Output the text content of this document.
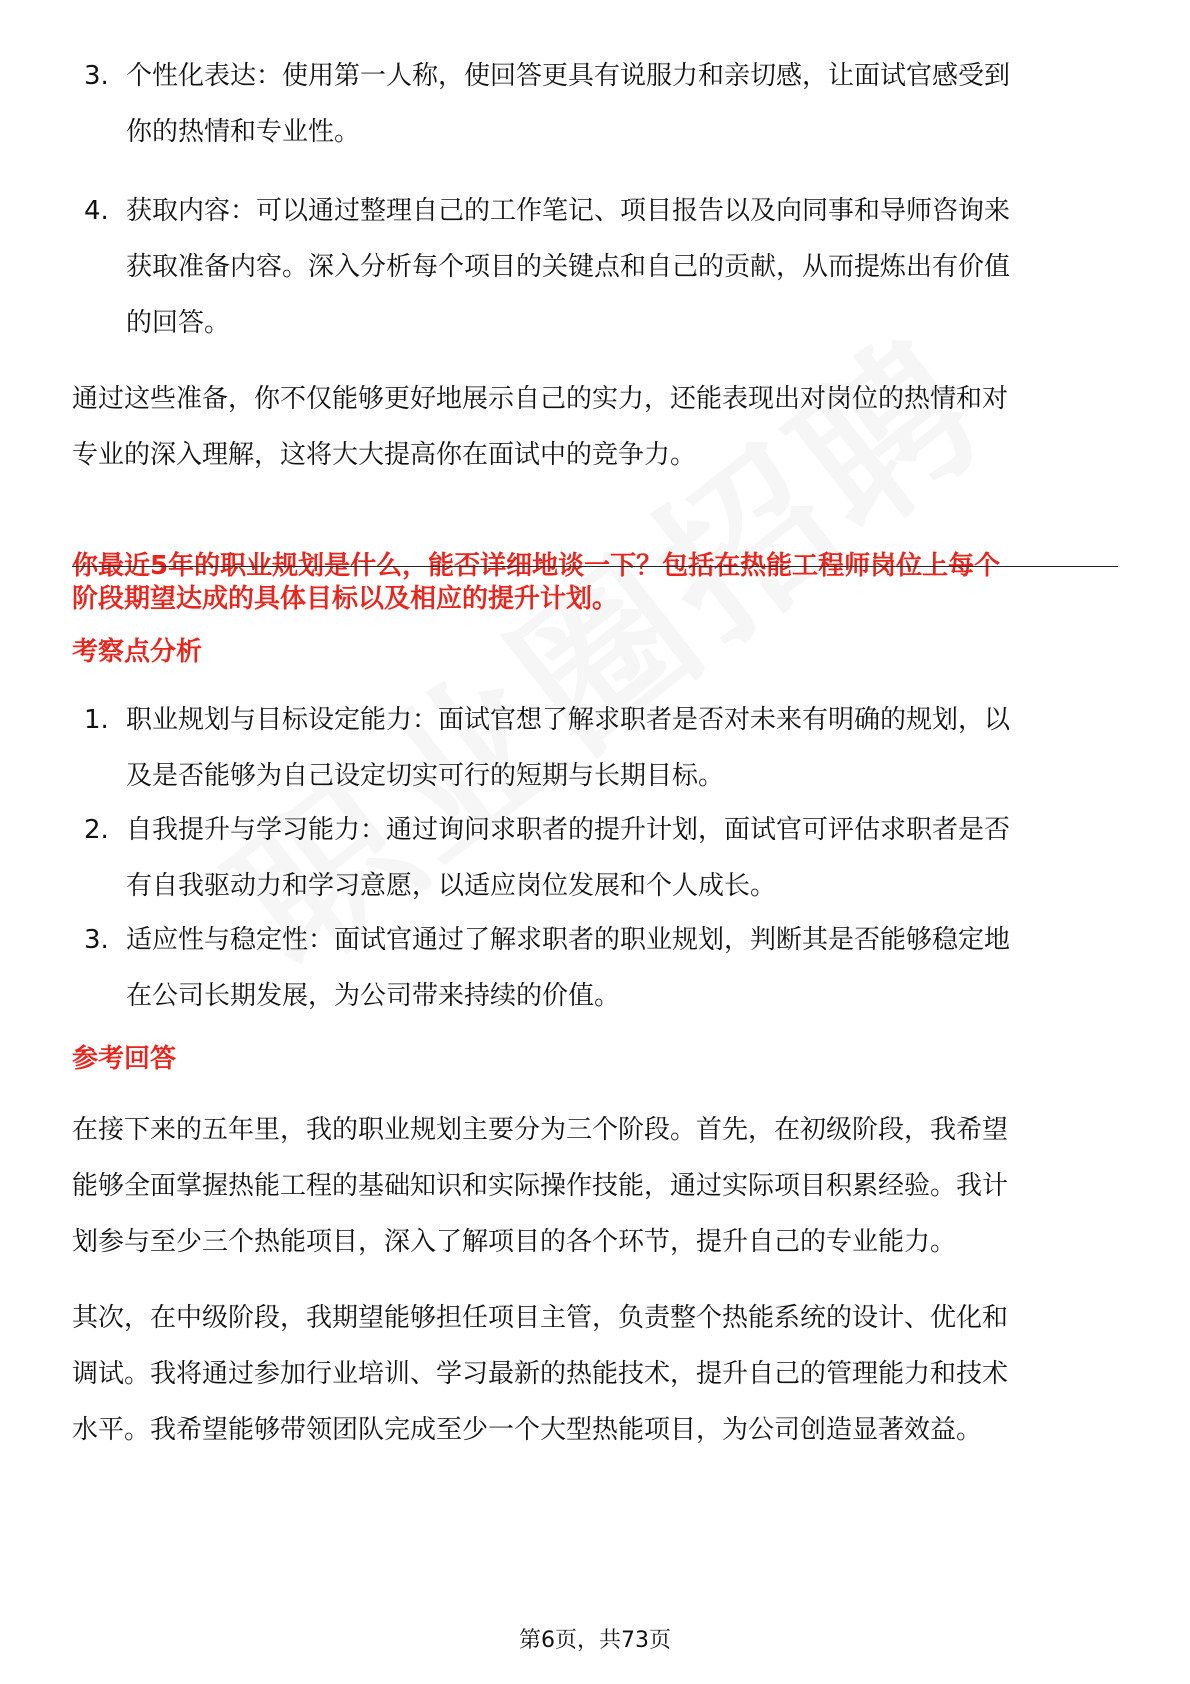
3. 个性化表达：使用第一人称，使回答更具有说服力和亲切感，让面试官感受到
你的热情和专业性。
4. 获取内容：可以通过整理自己的工作笔记、项目报告以及向同事和导师咨询来
获取准备内容。深入分析每个项目的关键点和自己的贡献，从而提炼出有价值
的回答。
通过这些准备，你不仅能够更好地展示自己的实力，还能表现出对岗位的热情和对
专业的深入理解，这将大大提高你在面试中的竞争力。
你最近5年的职业规划是什么，能否详细地谈一下？包括在热能工程师岗位上每个
阶段期望达成的具体目标以及相应的提升计划。
考察点分析
1. 职业规划与目标设定能力：面试官想了解求职者是否对未来有明确的规划，以
及是否能够为自己设定切实可行的短期与长期目标。
2. 自我提升与学习能力：通过询问求职者的提升计划，面试官可评估求职者是否
有自我驱动力和学习意愿，以适应岗位发展和个人成长。
3. 适应性与稳定性：面试官通过了解求职者的职业规划，判断其是否能够稳定地
在公司长期发展，为公司带来持续的价值。
参考回答
在接下来的五年里，我的职业规划主要分为三个阶段。首先，在初级阶段，我希望
能够全面掌握热能工程的基础知识和实际操作技能，通过实际项目积累经验。我计
划参与至少三个热能项目，深入了解项目的各个环节，提升自己的专业能力。
其次，在中级阶段，我期望能够担任项目主管，负责整个热能系统的设计、优化和
调试。我将通过参加行业培训、学习最新的热能技术，提升自己的管理能力和技术
水平。我希望能够带领团队完成至少一个大型热能项目，为公司创造显著效益。
第6页，共73页
